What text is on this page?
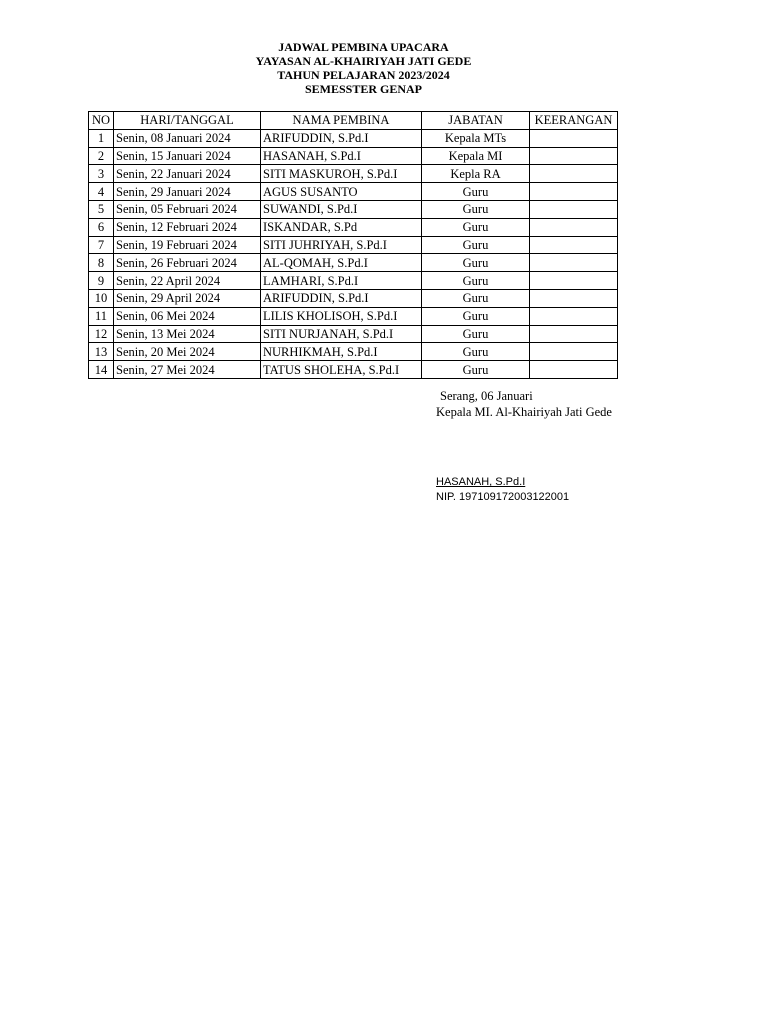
JADWAL PEMBINA UPACARA
YAYASAN AL-KHAIRIYAH JATI GEDE
TAHUN PELAJARAN 2023/2024
SEMESSTER GENAP
NO	HARI/TANGGAL	NAMA PEMBINA	JABATAN	KEERANGAN
1	Senin, 08 Januari 2024	ARIFUDDIN, S.Pd.I	Kepala MTs	
2	Senin, 15 Januari 2024	HASANAH, S.Pd.I	Kepala MI	
3	Senin, 22 Januari 2024	SITI MASKUROH, S.Pd.I	Kepla RA	
4	Senin, 29 Januari 2024	AGUS SUSANTO	Guru	
5	Senin, 05 Februari 2024	SUWANDI, S.Pd.I	Guru	
6	Senin, 12 Februari 2024	ISKANDAR, S.Pd	Guru	
7	Senin, 19 Februari 2024	SITI JUHRIYAH, S.Pd.I	Guru	
8	Senin, 26 Februari 2024	AL-QOMAH, S.Pd.I	Guru	
9	Senin, 22 April 2024	LAMHARI, S.Pd.I	Guru	
10	Senin, 29 April 2024	ARIFUDDIN, S.Pd.I	Guru	
11	Senin, 06 Mei 2024	LILIS KHOLISOH, S.Pd.I	Guru	
12	Senin, 13 Mei 2024	SITI NURJANAH, S.Pd.I	Guru	
13	Senin, 20 Mei 2024	NURHIKMAH, S.Pd.I	Guru	
14	Senin, 27 Mei 2024	TATUS SHOLEHA, S.Pd.I	Guru	
Serang, 06 Januari
Kepala MI. Al-Khairiyah Jati Gede
HASANAH, S.Pd.I
NIP. 197109172003122001
